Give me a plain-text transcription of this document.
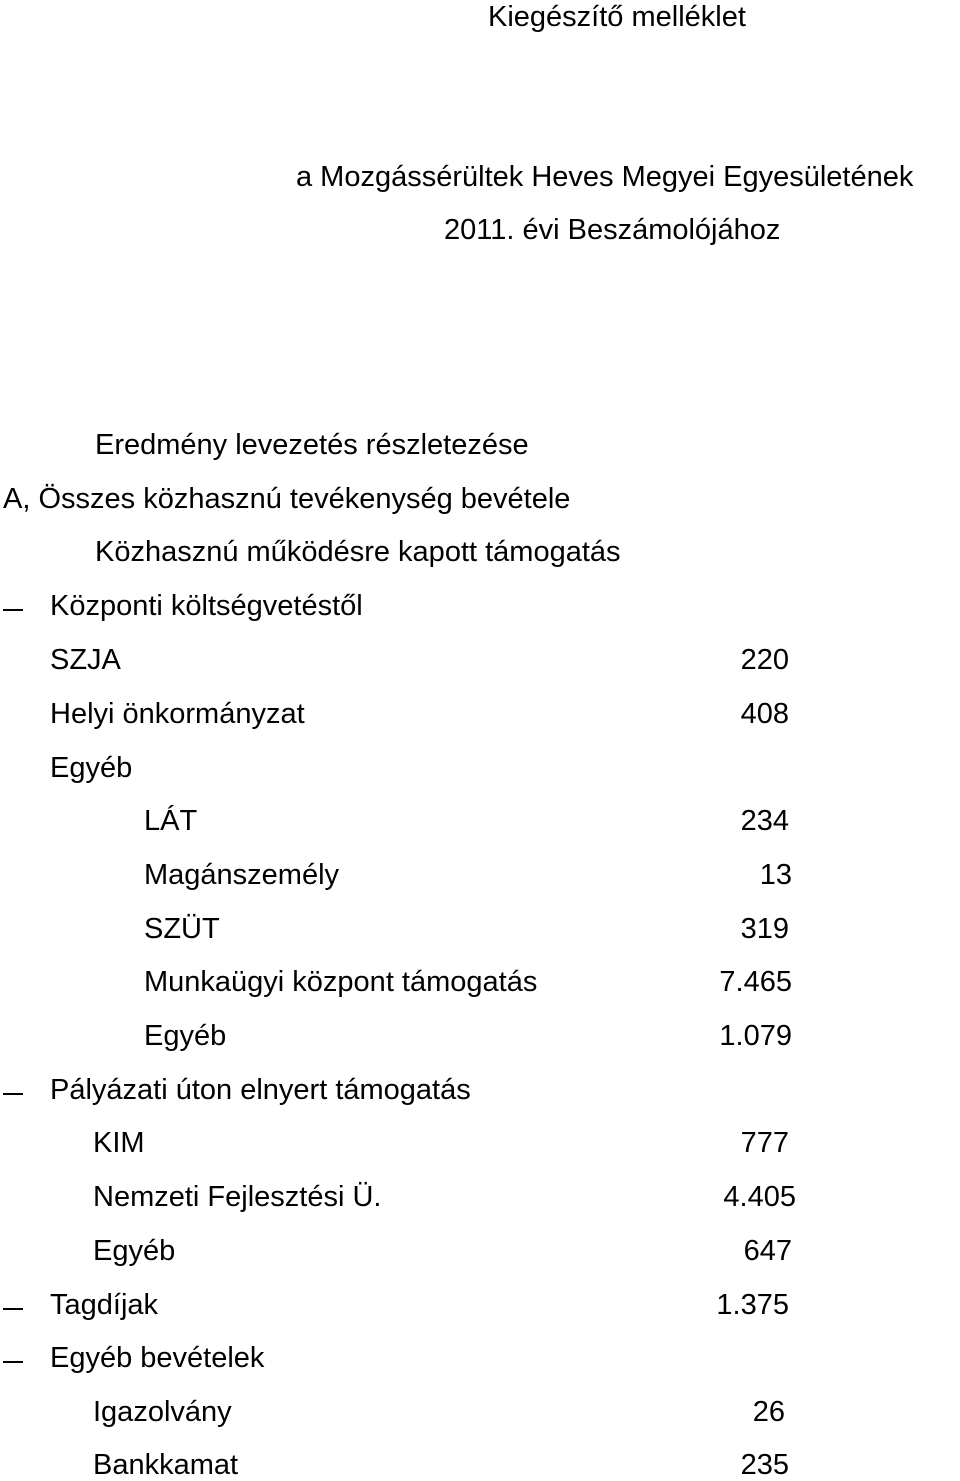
Kiegészítő melléklet
a Mozgássérültek Heves Megyei Egyesületének
2011. évi Beszámolójához
Eredmény levezetés részletezése
A, Összes közhasznú tevékenység bevétele
Közhasznú működésre kapott támogatás
Központi költségvetéstől
SZJA	220
Helyi önkormányzat	408
Egyéb
LÁT	234
Magánszemély	13
SZÜT	319
Munkaügyi központ támogatás	7.465
Egyéb	1.079
Pályázati úton elnyert támogatás
KIM	777
Nemzeti Fejlesztési Ü.	4.405
Egyéb	647
Tagdíjak	1.375
Egyéb bevételek
Igazolvány	26
Bankkamat	235
